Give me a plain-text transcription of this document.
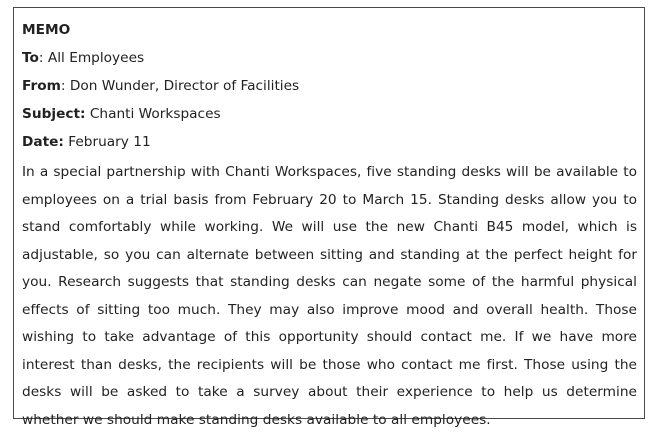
MEMO
To: All Employees
From: Don Wunder, Director of Facilities
Subject: Chanti Workspaces
Date: February 11
In a special partnership with Chanti Workspaces, five standing desks will be available to employees on a trial basis from February 20 to March 15. Standing desks allow you to stand comfortably while working. We will use the new Chanti B45 model, which is adjustable, so you can alternate between sitting and standing at the perfect height for you. Research suggests that standing desks can negate some of the harmful physical effects of sitting too much. They may also improve mood and overall health. Those wishing to take advantage of this opportunity should contact me. If we have more interest than desks, the recipients will be those who contact me first. Those using the desks will be asked to take a survey about their experience to help us determine whether we should make standing desks available to all employees.
